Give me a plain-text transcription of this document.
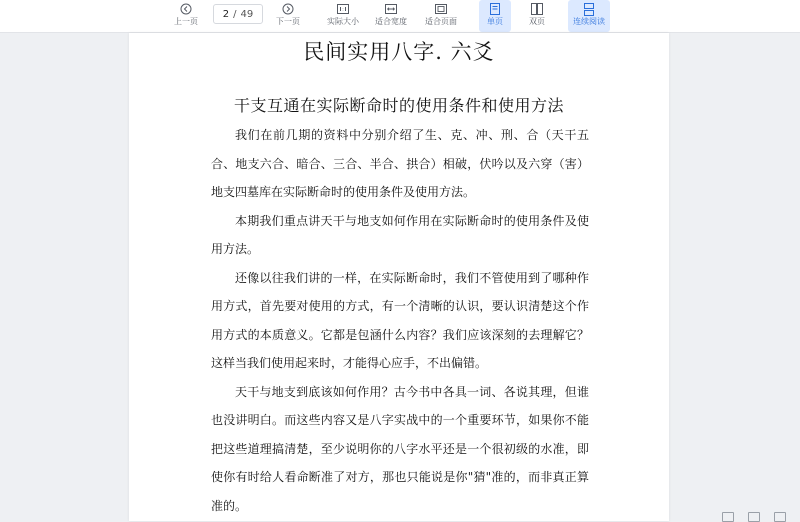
上一页
2 / 49
下一页	实际大小 适合宽度 适合页面	单页	双页	连续阅读
民间实用八字. 六爻
干支互通在实际断命时的使用条件和使用方法

我们在前几期的资料中分别介绍了生、克、冲、刑、合（天干五合、地支六合、暗合、三合、半合、拱合）相破，伏吟以及六穿（害）地支四墓库在实际断命时的使用条件及使用方法。

本期我们重点讲天干与地支如何作用在实际断命时的使用条件及使用方法。

还像以往我们讲的一样，在实际断命时，我们不管使用到了哪种作用方式，首先要对使用的方式，有一个清晰的认识，要认识清楚这个作用方式的本质意义。它都是包涵什么内容？我们应该深刻的去理解它？这样当我们使用起来时，才能得心应手，不出偏错。

天干与地支到底该如何作用？古今书中各具一词、各说其理，但谁也没讲明白。而这些内容又是八字实战中的一个重要环节，如果你不能把这些道理搞清楚，至少说明你的八字水平还是一个很初级的水准，即使你有时给人看命断准了对方，那也只能说是你"猜"准的，而非真正算准的。
